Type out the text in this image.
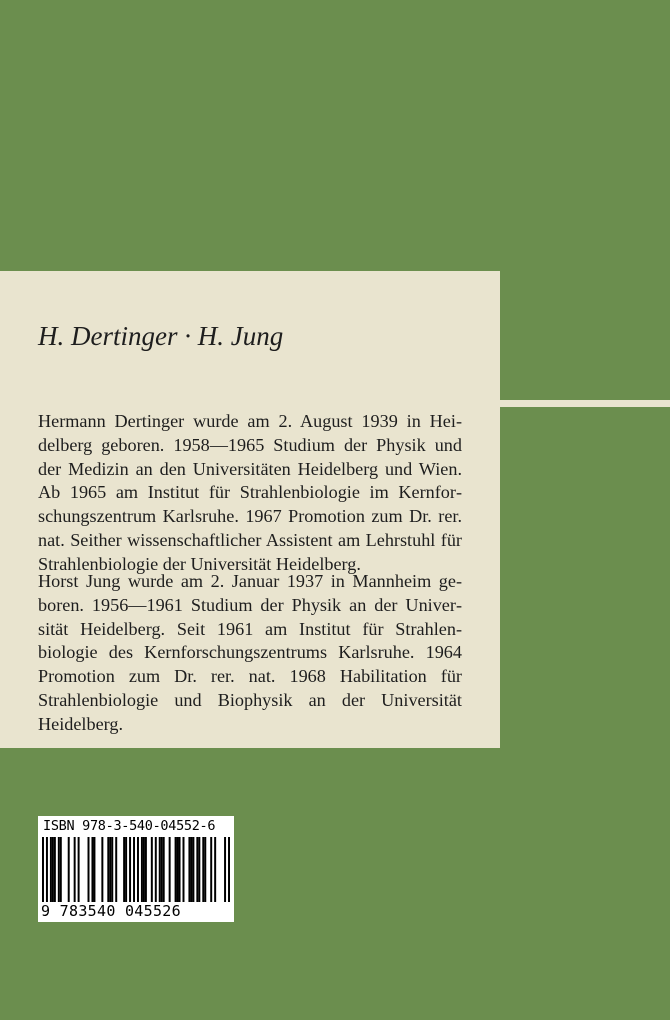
H. Dertinger · H. Jung

Hermann Dertinger wurde am 2. August 1939 in Heidelberg geboren. 1958—1965 Studium der Physik und der Medizin an den Universitäten Heidelberg und Wien. Ab 1965 am Institut für Strahlenbiologie im Kernforschungszentrum Karlsruhe. 1967 Promotion zum Dr. rer. nat. Seither wissenschaftlicher Assistent am Lehrstuhl für Strahlenbiologie der Universität Heidelberg.

Horst Jung wurde am 2. Januar 1937 in Mannheim geboren. 1956—1961 Studium der Physik an der Universität Heidelberg. Seit 1961 am Institut für Strahlenbiologie des Kernforschungszentrums Karlsruhe. 1964 Promotion zum Dr. rer. nat. 1968 Habilitation für Strahlenbiologie und Biophysik an der Universität Heidelberg.

ISBN 978-3-540-04552-6
9 783540 045526
